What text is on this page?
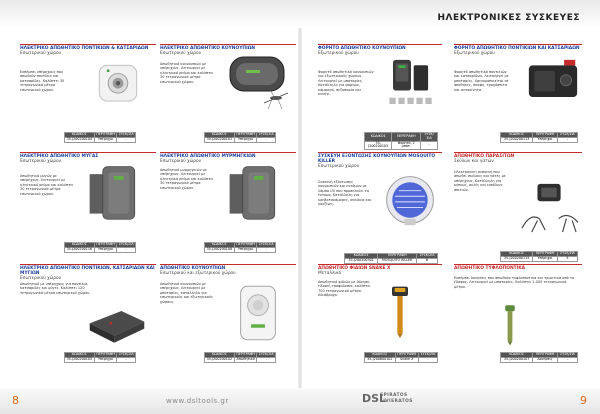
ΗΛΕΚΤΡΟΝΙΚΕΣ ΣΥΣΚΕΥΕΣ
ΗΛΕΚΤΡΙΚΟ ΑΠΩΘΗΤΙΚΟ ΠΟΝΤΙΚΙΩΝ & ΚΑΤΣΑΡΙΔΩΝ
Εσωτερικού χώρου
Εκπέμπει υπέρηχους που απωθούν ποντίκια και κατσαρίδες. Καλύπτει 30 τετραγωνικά μέτρα εσωτερικού χώρου.
ΚΩΔΙΚΟΣ	ΠΕΡΙΓΡΑΦΗ	ΣΥΣΚ/ΣΙΑ
35-J200200104	Υπέρηχοι	-
ΗΛΕΚΤΡΙΚΟ ΑΠΩΘΗΤΙΚΟ ΚΟΥΝΟΥΠΙΩΝ
Εσωτερικού χώρου
Απωθητικό κουνουπιών με υπέρηχους. Λειτουργεί με ηλεκτρικό ρεύμα και καλύπτει 30 τετραγωνικά μέτρα εσωτερικού χώρου.
ΚΩΔΙΚΟΣ	ΠΕΡΙΓΡΑΦΗ	ΣΥΣΚ/ΣΙΑ
35-J200200101	Υπέρηχοι	-
ΦΟΡΗΤΟ ΑΠΩΘΗΤΙΚΟ ΚΟΥΝΟΥΠΙΩΝ
Εξωτερικού χώρου
Φορητό απωθητικό κουνουπιών για εξωτερικούς χώρους. Λειτουργεί με μπαταρίες. Κατάλληλο για ψάρεμα, κάμπινγκ, πεζοπορία και κυνήγι.
ΚΩΔΙΚΟΣ	ΠΕΡΙΓΡΑΦΗ	ΣΥΣΚ/ΣΙΑ
35-J200200103	Φορητό, 2 μπατ.	-
ΦΟΡΗΤΟ ΑΠΩΘΗΤΙΚΟ ΠΟΝΤΙΚΙΩΝ ΚΑΙ ΚΑΤΣΑΡΙΔΩΝ
Εξωτερικού χώρου
Φορητό απωθητικό ποντικιών και κατσαρίδων. Λειτουργεί με μπαταρίες. Χρησιμοποιείται σε αποθήκες, σκάφη, τροχόσπιτα και αυτοκίνητα.
ΚΩΔΙΚΟΣ	ΠΕΡΙΓΡΑΦΗ	ΣΥΣΚ/ΣΙΑ
35-J200200113	Υπέρηχοι	-
ΗΛΕΚΤΡΙΚΟ ΑΠΩΘΗΤΙΚΟ ΜΥΓΑΣ
Εσωτερικού χώρου
Απωθητικό μυγών με υπέρηχους. Λειτουργεί με ηλεκτρικό ρεύμα και καλύπτει 30 τετραγωνικά μέτρα εσωτερικού χώρου.
ΚΩΔΙΚΟΣ	ΠΕΡΙΓΡΑΦΗ	ΣΥΣΚ/ΣΙΑ
35-J200200116	Υπέρηχοι	-
ΗΛΕΚΤΡΙΚΟ ΑΠΩΘΗΤΙΚΟ ΜΥΡΜΗΓΚΙΩΝ
Εσωτερικού χώρου
Απωθητικό μυρμηγκιών με υπέρηχους. Λειτουργεί με ηλεκτρικό ρεύμα και καλύπτει 30 τετραγωνικά μέτρα εσωτερικού χώρου.
ΚΩΔΙΚΟΣ	ΠΕΡΙΓΡΑΦΗ	ΣΥΣΚ/ΣΙΑ
35-J200200108	Υπέρηχοι	-
ΣΥΣΚΕΥΗ ΕΞΟΝΤΩΣΗΣ ΚΟΥΝΟΥΠΙΩΝ MOSQUITO KILLER
Εσωτερικού χώρου
Συσκευή εξόντωσης κουνουπιών και εντόμων με λάμπα UV που προσελκύει τα έντομα. Κατάλληλη για κρεβατοκάμαρες, σαλόνια και κουζίνες.
ΚΩΔΙΚΟΣ	ΠΕΡΙΓΡΑΦΗ	ΣΥΣΚ/ΣΙΑ
35-J200200301	MOSQUITO KILLER	6
ΑΠΩΘΗΤΙΚΟ ΠΑΡΑΣΙΤΩΝ
Σκύλων και γατών
Ηλεκτρονική συσκευή που απωθεί σκύλους και γάτες με υπέρηχους. Κατάλληλη για κήπους, αυλές και εισόδους σπιτιών.
ΚΩΔΙΚΟΣ	ΠΕΡΙΓΡΑΦΗ	ΣΥΣΚ/ΣΙΑ
35-J200200115	Υπέρηχοι	5
ΗΛΕΚΤΡΙΚΟ ΑΠΩΘΗΤΙΚΟ ΠΟΝΤΙΚΙΩΝ, ΚΑΤΣΑΡΙΔΩΝ ΚΑΙ ΜΥΓΙΩΝ
Εσωτερικού χώρου
Απωθητικό με υπέρηχους για ποντίκια, κατσαρίδες και μύγες. Καλύπτει 120 τετραγωνικά μέτρα εσωτερικού χώρου.
ΚΩΔΙΚΟΣ	ΠΕΡΙΓΡΑΦΗ	ΣΥΣΚ/ΣΙΑ
35-J200200105	Υπέρηχοι	-
ΑΠΩΘΗΤΙΚΟ ΚΟΥΝΟΥΠΙΩΝ
Εσωτερικού και εξωτερικού χώρου
Απωθητικό κουνουπιών με υπέρηχους. Λειτουργεί με μπαταρίες, κατάλληλο για εσωτερικούς και εξωτερικούς χώρους.
ΚΩΔΙΚΟΣ	ΠΕΡΙΓΡΑΦΗ	ΣΥΣΚ/ΣΙΑ
35-J200200102	Απωθητικό	-
ΑΠΩΘΗΤΙΚΟ ΦΙΔΙΩΝ SNAKE X
Μεταλλικό
Απωθητικό φιδιών με δόνηση. Ηλιακή τροφοδοσία, καλύπτει 700 τετραγωνικά μέτρα. Αδιάβροχο.
ΚΩΔΙΚΟΣ	ΠΕΡΙΓΡΑΦΗ	ΣΥΣΚ/ΣΙΑ
35-J200600102	Snake X	-
ΑΠΩΘΗΤΙΚΟ ΤΥΦΛΟΠΟΝΤΙΚΑ
Εκπέμπει δονήσεις που απωθούν τυφλοπόντικα και τρωκτικά από το έδαφος. Λειτουργεί με μπαταρίες. Καλύπτει 1.000 τετραγωνικά μέτρα.
ΚΩΔΙΚΟΣ	ΠΕΡΙΓΡΑΦΗ	ΣΥΣΚ/ΣΙΑ
35-J200200107	Δονήσεις	-
8	9
www.dsltools.gr	DSL
SPIRATOS
LIVIERATOS
